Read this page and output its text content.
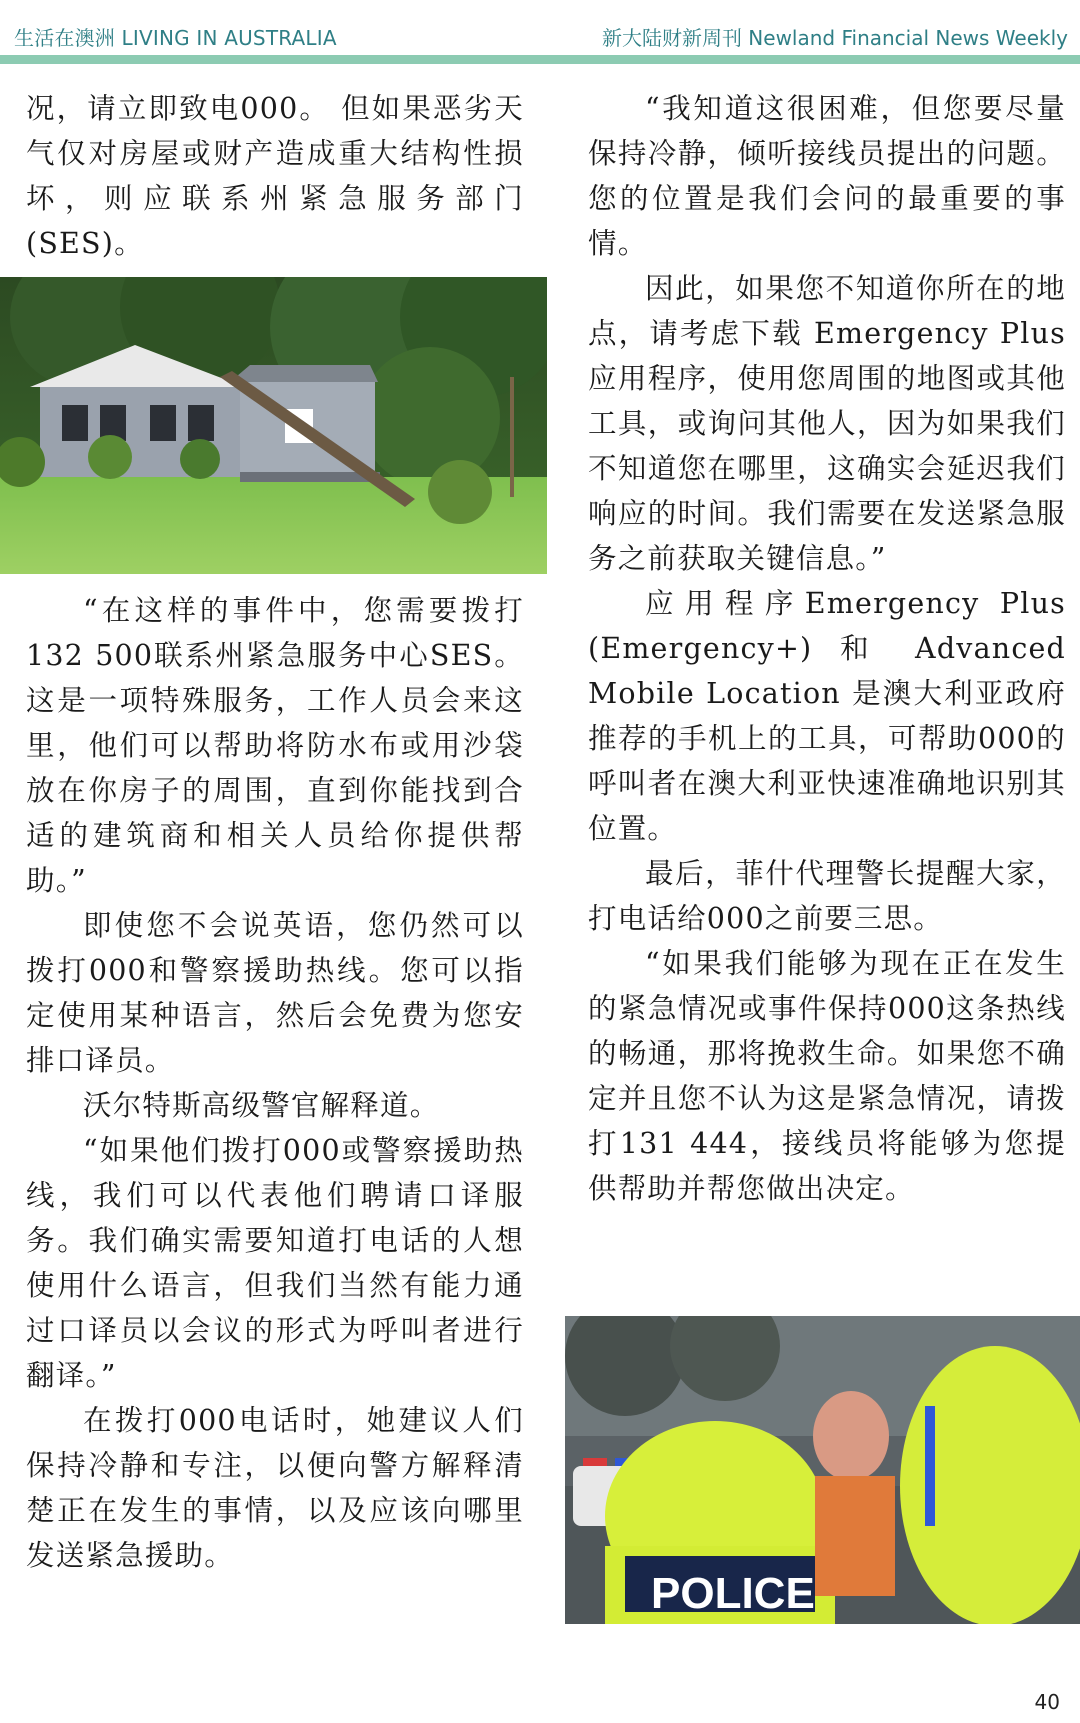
生活在澳洲 LIVING IN AUSTRALIA	新大陆财新周刊 Newland Financial News Weekly
POLICE

况，请立即致电000。 但如果恶劣天气仅对房屋或财产造成重大结构性损坏，则应联系州紧急服务部门(SES)。

“在这样的事件中，您需要拨打132 500联系州紧急服务中心SES。这是一项特殊服务，工作人员会来这里，他们可以帮助将防水布或用沙袋放在你房子的周围，直到你能找到合适的建筑商和相关人员给你提供帮助。”

即使您不会说英语，您仍然可以拨打000和警察援助热线。您可以指定使用某种语言，然后会免费为您安排口译员。

沃尔特斯高级警官解释道。

“如果他们拨打000或警察援助热线，我们可以代表他们聘请口译服务。我们确实需要知道打电话的人想使用什么语言，但我们当然有能力通过口译员以会议的形式为呼叫者进行翻译。”

在拨打000电话时，她建议人们保持冷静和专注，以便向警方解释清楚正在发生的事情，以及应该向哪里发送紧急援助。

“我知道这很困难，但您要尽量保持冷静，倾听接线员提出的问题。您的位置是我们会问的最重要的事情。

因此，如果您不知道你所在的地点，请考虑下载 Emergency Plus 应用程序，使用您周围的地图或其他工具，或询问其他人，因为如果我们不知道您在哪里，这确实会延迟我们响应的时间。我们需要在发送紧急服务之前获取关键信息。”

应用程序Emergency Plus (Emergency+) 和 Advanced Mobile Location 是澳大利亚政府推荐的手机上的工具，可帮助000的呼叫者在澳大利亚快速准确地识别其位置。

最后，菲什代理警长提醒大家，打电话给000之前要三思。

“如果我们能够为现在正在发生的紧急情况或事件保持000这条热线的畅通，那将挽救生命。如果您不确定并且您不认为这是紧急情况，请拨打131 444，接线员将能够为您提供帮助并帮您做出决定。

40
